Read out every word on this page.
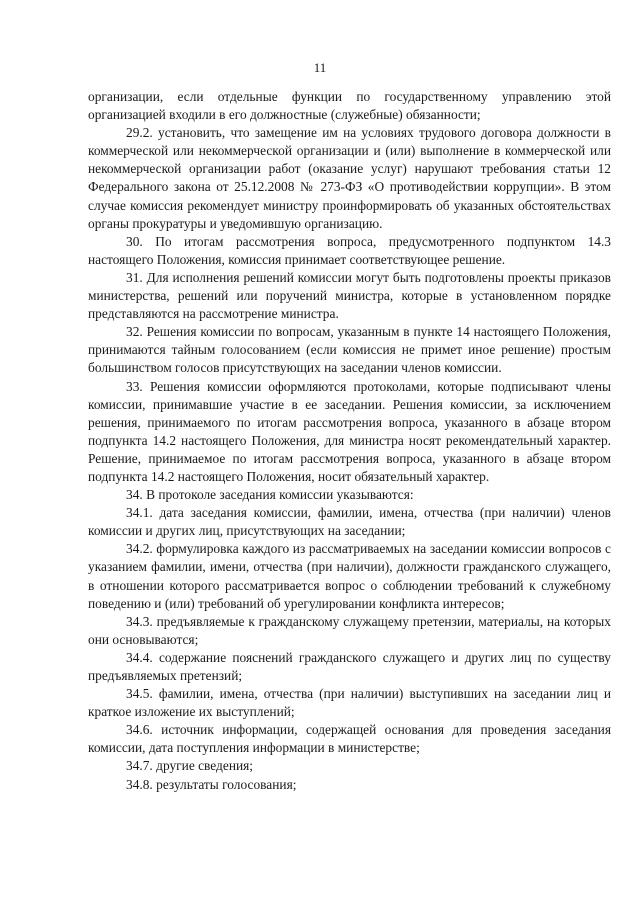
11

организации, если отдельные функции по государственному управлению этой организацией входили в его должностные (служебные) обязанности;

29.2. установить, что замещение им на условиях трудового договора должности в коммерческой или некоммерческой организации и (или) выполнение в коммерческой или некоммерческой организации работ (оказание услуг) нарушают требования статьи 12 Федерального закона от 25.12.2008 № 273-ФЗ «О противодействии коррупции». В этом случае комиссия рекомендует министру проинформировать об указанных обстоятельствах органы прокуратуры и уведомившую организацию.

30. По итогам рассмотрения вопроса, предусмотренного подпунктом 14.3 настоящего Положения, комиссия принимает соответствующее решение.

31. Для исполнения решений комиссии могут быть подготовлены проекты приказов министерства, решений или поручений министра, которые в установленном порядке представляются на рассмотрение министра.

32. Решения комиссии по вопросам, указанным в пункте 14 настоящего Положения, принимаются тайным голосованием (если комиссия не примет иное решение) простым большинством голосов присутствующих на заседании членов комиссии.

33. Решения комиссии оформляются протоколами, которые подписывают члены комиссии, принимавшие участие в ее заседании. Решения комиссии, за исключением решения, принимаемого по итогам рассмотрения вопроса, указанного в абзаце втором подпункта 14.2 настоящего Положения, для министра носят рекомендательный характер. Решение, принимаемое по итогам рассмотрения вопроса, указанного в абзаце втором подпункта 14.2 настоящего Положения, носит обязательный характер.

34. В протоколе заседания комиссии указываются:

34.1. дата заседания комиссии, фамилии, имена, отчества (при наличии) членов комиссии и других лиц, присутствующих на заседании;

34.2. формулировка каждого из рассматриваемых на заседании комиссии вопросов с указанием фамилии, имени, отчества (при наличии), должности гражданского служащего, в отношении которого рассматривается вопрос о соблюдении требований к служебному поведению и (или) требований об урегулировании конфликта интересов;

34.3. предъявляемые к гражданскому служащему претензии, материалы, на которых они основываются;

34.4. содержание пояснений гражданского служащего и других лиц по существу предъявляемых претензий;

34.5. фамилии, имена, отчества (при наличии) выступивших на заседании лиц и краткое изложение их выступлений;

34.6. источник информации, содержащей основания для проведения заседания комиссии, дата поступления информации в министерстве;

34.7. другие сведения;

34.8. результаты голосования;
